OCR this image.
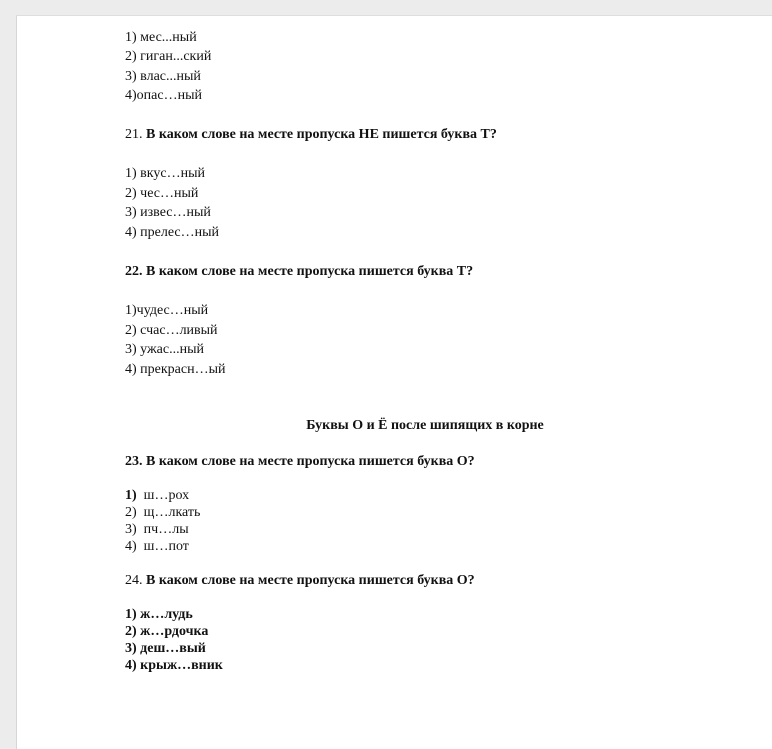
1) мес...ный
2) гиган...ский
3) влас...ный
4)опас…ный
21. В каком слове на месте пропуска НЕ пишется буква Т?
1) вкус…ный
2) чес…ный
3) извес…ный
4) прелес…ный
22. В каком слове на месте пропуска пишется буква Т?
1)чудес…ный
2) счас…ливый
3) ужас...ный
4) прекрасн…ый
Буквы О и Ё после шипящих в корне
23. В каком слове на месте пропуска пишется буква О?
1) ш…рох
2) щ…лкать
3) пч…лы
4) ш…пот
24. В каком слове на месте пропуска пишется буква О?
1) ж…лудь
2) ж…рдочка
3) деш…вый
4) крыж…вник
